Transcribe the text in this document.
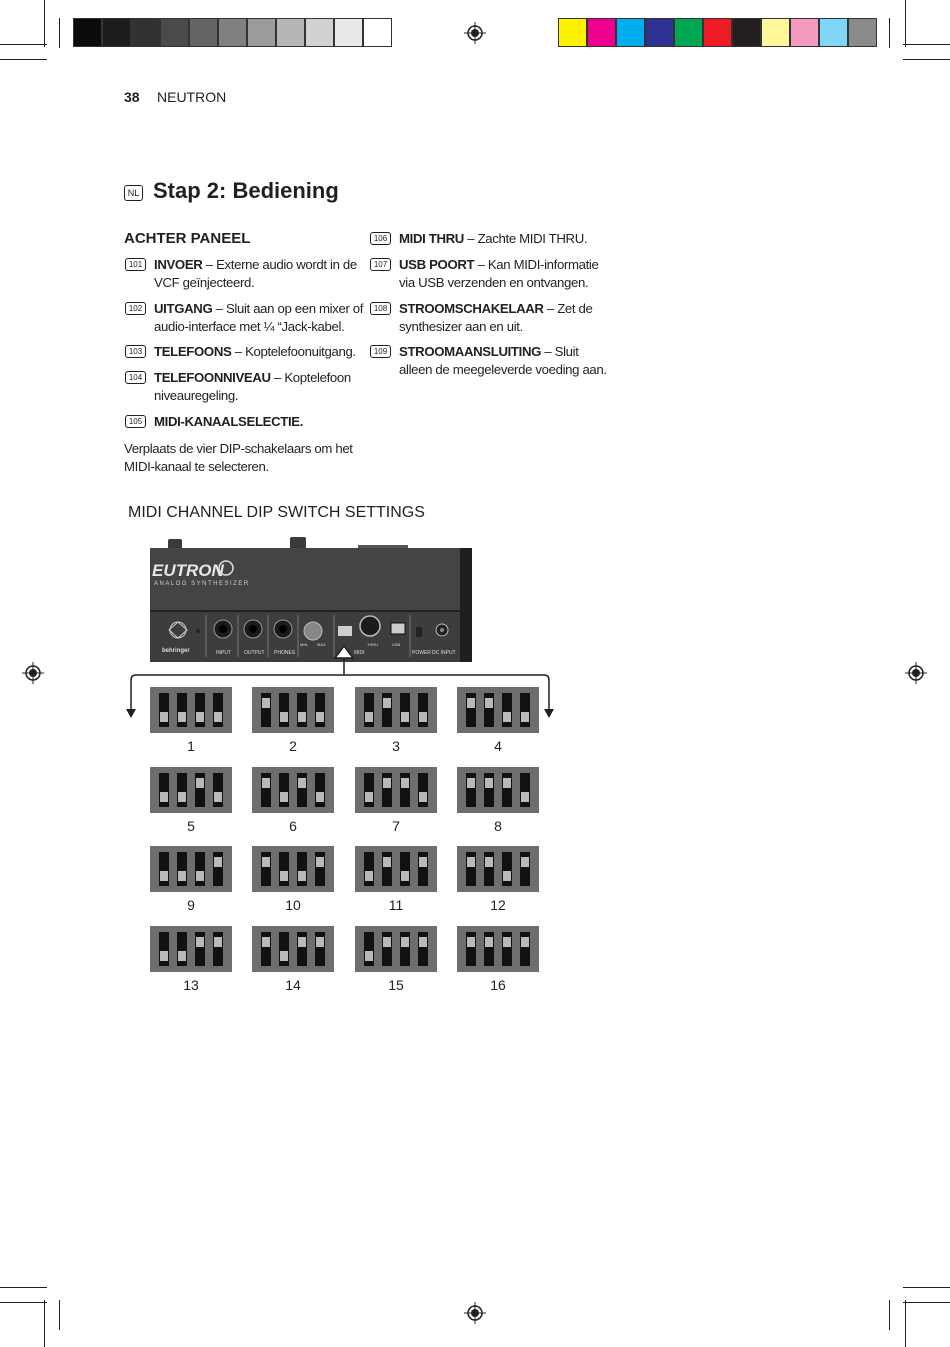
38 NEUTRON
NL Stap 2: Bediening
ACHTER PANEEL
101 INVOER – Externe audio wordt in de VCF geïnjecteerd.
102 UITGANG – Sluit aan op een mixer of audio-interface met ¼ “Jack-kabel.
103 TELEFOONS – Koptelefoonuitgang.
104 TELEFOONNIVEAU – Koptelefoon niveauregeling.
105 MIDI-KANAALSELECTIE.
106 MIDI THRU – Zachte MIDI THRU.
107 USB POORT – Kan MIDI-informatie via USB verzenden en ontvangen.
108 STROOMSCHAKELAAR – Zet de synthesizer aan en uit.
109 STROOMAANSLUITING – Sluit alleen de meegeleverde voeding aan.
Verplaats de vier DIP-schakelaars om het MIDI-kanaal te selecteren.
MIDI CHANNEL DIP SWITCH SETTINGS
EUTRON
ANALOG SYNTHESIZER
behringer	INPUT	OUTPUT PHONES
MIN MAX
MIDI
THRU	USB
POWER DC INPUT
1	2	3	4
5	6	7	8
9	10	11	12
13	14	15	16
